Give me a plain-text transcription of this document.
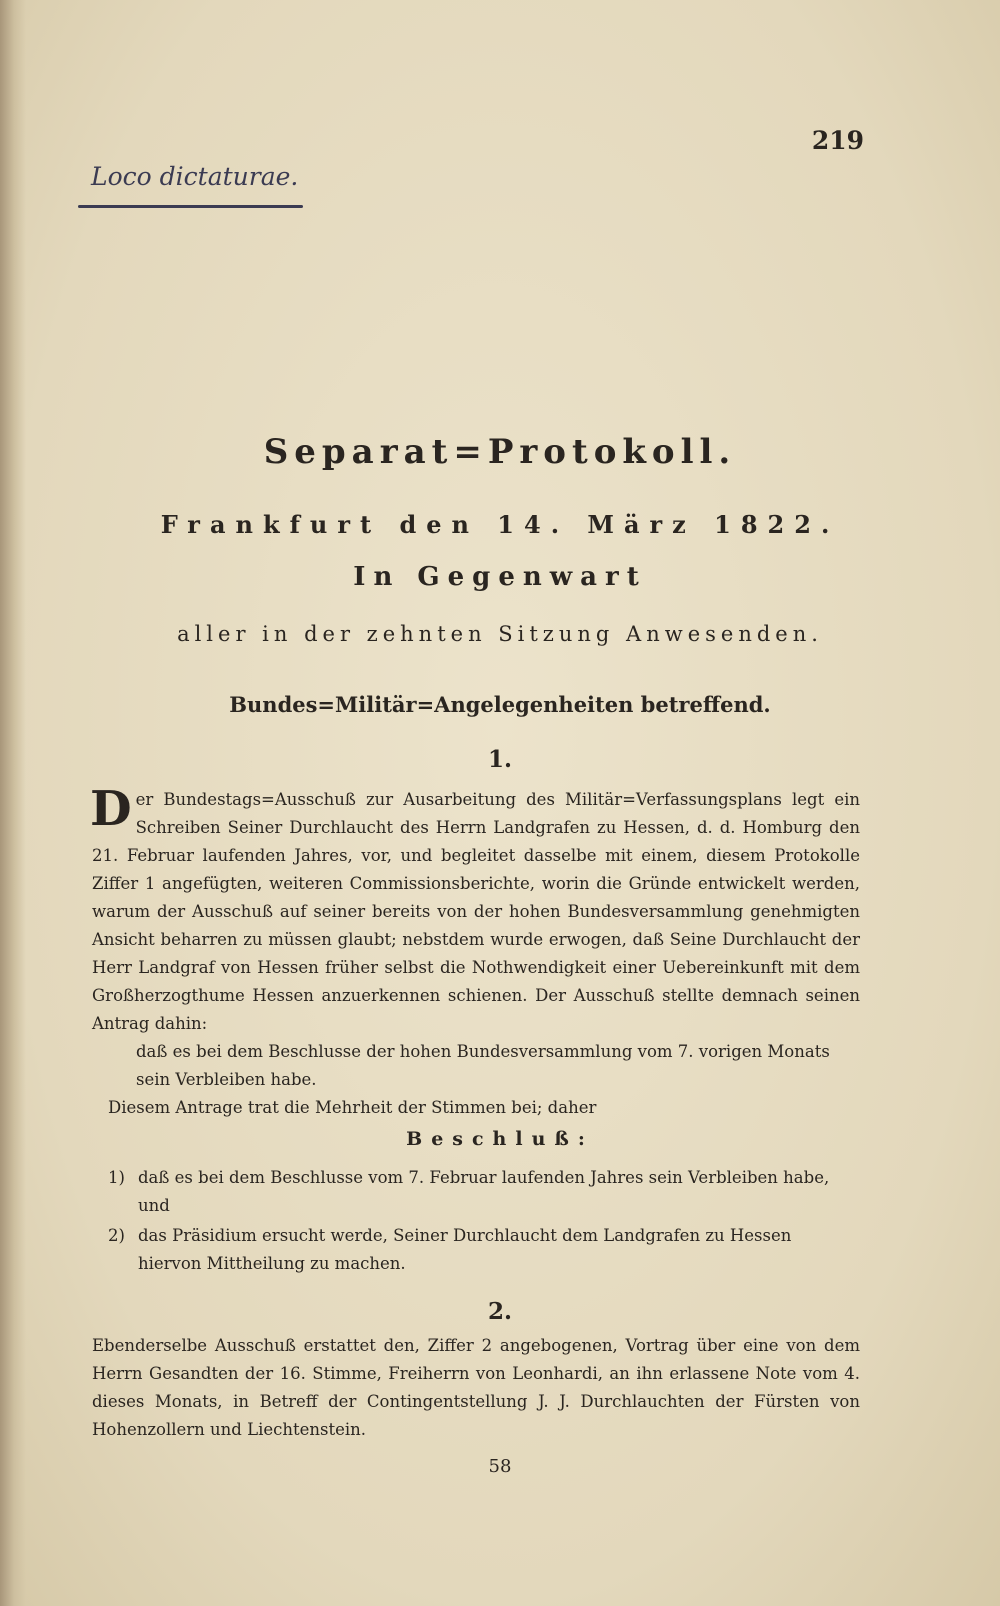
Loco dictaturae.
219
Separat=Protokoll.
Frankfurt den 14. März 1822.
In Gegenwart
aller in der zehnten Sitzung Anwesenden.
Bundes=Militär=Angelegenheiten betreffend.
1.

Der Bundestags=Ausschuß zur Ausarbeitung des Militär=Verfassungsplans legt ein Schreiben Seiner Durchlaucht des Herrn Landgrafen zu Hessen, d. d. Homburg den 21. Februar laufenden Jahres, vor, und begleitet dasselbe mit einem, diesem Protokolle Ziffer 1 angefügten, weiteren Commissionsberichte, worin die Gründe entwickelt werden, warum der Ausschuß auf seiner bereits von der hohen Bundesversammlung genehmigten Ansicht beharren zu müssen glaubt; nebstdem wurde erwogen, daß Seine Durchlaucht der Herr Landgraf von Hessen früher selbst die Nothwendigkeit einer Uebereinkunft mit dem Großherzogthume Hessen anzuerkennen schienen. Der Ausschuß stellte demnach seinen Antrag dahin:

daß es bei dem Beschlusse der hohen Bundesversammlung vom 7. vorigen Monats sein Verbleiben habe.

Diesem Antrage trat die Mehrheit der Stimmen bei; daher

Beschluß:

1) daß es bei dem Beschlusse vom 7. Februar laufenden Jahres sein Verbleiben habe, und

2) das Präsidium ersucht werde, Seiner Durchlaucht dem Landgrafen zu Hessen hiervon Mittheilung zu machen.

2.

Ebenderselbe Ausschuß erstattet den, Ziffer 2 angebogenen, Vortrag über eine von dem Herrn Gesandten der 16. Stimme, Freiherrn von Leonhardi, an ihn erlassene Note vom 4. dieses Monats, in Betreff der Contingentstellung J. J. Durchlauchten der Fürsten von Hohenzollern und Liechtenstein.

58
